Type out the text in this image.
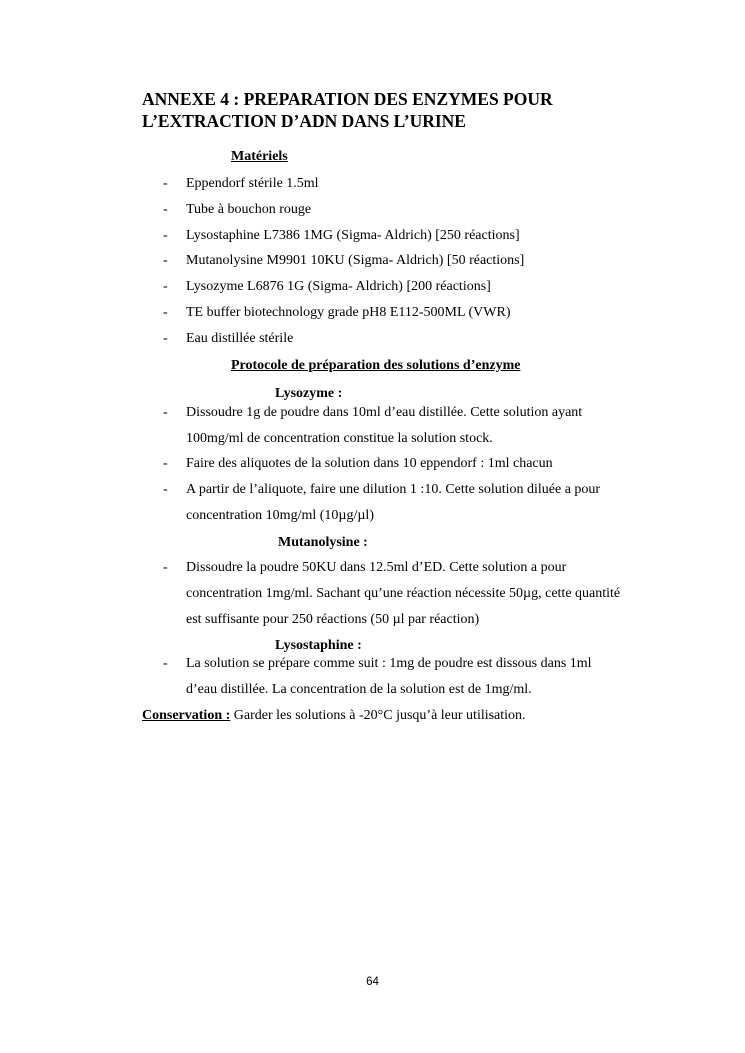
ANNEXE 4 : PREPARATION DES ENZYMES POUR
L’EXTRACTION D’ADN DANS L’URINE
Matériels
- Eppendorf stérile 1.5ml
- Tube à bouchon rouge
- Lysostaphine L7386 1MG (Sigma- Aldrich) [250 réactions]
- Mutanolysine M9901 10KU (Sigma- Aldrich) [50 réactions]
- Lysozyme L6876 1G (Sigma- Aldrich) [200 réactions]
- TE buffer biotechnology grade pH8 E112-500ML (VWR)
- Eau distillée stérile
Protocole de préparation des solutions d’enzyme
Lysozyme :
- Dissoudre 1g de poudre dans 10ml d’eau distillée. Cette solution ayant
100mg/ml de concentration constitue la solution stock.
- Faire des aliquotes de la solution dans 10 eppendorf : 1ml chacun
- A partir de l’aliquote, faire une dilution 1 :10. Cette solution diluée a pour
concentration 10mg/ml (10µg/µl)
Mutanolysine :
- Dissoudre la poudre 50KU dans 12.5ml d’ED. Cette solution a pour
concentration 1mg/ml. Sachant qu’une réaction nécessite 50µg, cette quantité
est suffisante pour 250 réactions (50 µl par réaction)
Lysostaphine :
- La solution se prépare comme suit : 1mg de poudre est dissous dans 1ml
d’eau distillée. La concentration de la solution est de 1mg/ml.
Conservation : Garder les solutions à -20°C jusqu’à leur utilisation.
64
